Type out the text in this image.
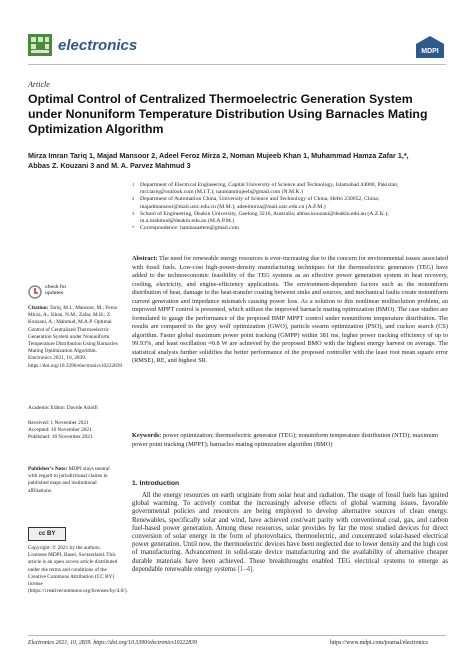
electronics	MDPI
Article
Optimal Control of Centralized Thermoelectric Generation System under Nonuniform Temperature Distribution Using Barnacles Mating Optimization Algorithm
Mirza Imran Tariq 1, Majad Mansoor 2, Adeel Feroz Mirza 2, Noman Mujeeb Khan 1, Muhammad Hamza Zafar 1,*,
Abbas Z. Kouzani 3 and M. A. Parvez Mahmud 3
1 Department of Electrical Engineering, Capital University of Science and Technology, Islamabad 44000, Pakistan; mrl.tariq@outlook.com (M.I.T.); naumanmujeeb@gmail.com (N.M.K.)
2 Department of Automation China, University of Science and Technology of China, Hefei 230052, China; majadmansoor@mail.ustc.edu.cn (M.M.); adeelmirza@mail.ustc.edu.cn (A.F.M.)
3 School of Engineering, Deakin University, Geelong 3216, Australia; abbas.kouzani@deakin.edu.au (A.Z.K.); m.a.mahmud@deakin.edu.au (M.A.P.M.)
* Correspondence: hamzasattem@gmail.com
Abstract: The need for renewable energy resources is ever-increasing due to the concern for environmental issues associated with fossil fuels. Low-cost high-power-density manufacturing techniques for the thermoelectric generators (TEG) have added to the technoeconomic feasibility of the TEG systems as an effective power generation system in heat recovery, cooling, electricity, and engine-efficiency applications. The environment-dependent factors such as the nonuniform distribution of heat, damage to the heat-transfer coating between sinks and sources, and mechanical faults create nonuniform current generation and impedance mismatch causing power loss. As a solution to this nonlinear multisolution problem, an improved MPPT control is presented, which utilizes the improved barnacle mating optimization (BMO). The case studies are formulated to gauge the performance of the proposed BMP MPPT control under nonuniform temperature distribution. The results are compared to the grey wolf optimization (GWO), particle swarm optimization (PSO), and cuckoo search (CS) algorithm. Faster global maximum power point tracking (GMPP) within 381 ms, higher power tracking efficiency of up to 99.93%, and least oscillation ≈0.8 W are achieved by the proposed BMO with the highest energy harvest on average. The statistical analysis further solidifies the better performance of the proposed controller with the least root mean square error (RMSE), RE, and highest SR.
Keywords: power optimization; thermoelectric generator (TEG); nonuniform temperature distribution (NTD); maximum power point tracking (MPPT); barnacles mating optimization algorithm (BMO)
1. Introduction
All the energy resources on earth originate from solar heat and radiation. The usage of fossil fuels has ignited global warming. To actively combat the increasingly adverse effects of global warming issues, favorable governmental policies and resources are being employed to develop alternative sources of clean energy. Renewables, specifically solar and wind, have achieved cost/watt parity with conventional coal, gas, and carbon fuel-based power generation. Among these resources, solar provides by far the most studied devices for direct conversion of solar energy in the form of photovoltaics, thermoelectric, and concentrated solar-based electrical power generation. Until now, the thermoelectric devices have been neglected due to lower density and the high cost of manufacturing. Advancement in solid-state device manufacturing and the availability of alternative cheaper durable materials have been achieved. These breakthroughs enabled TEG electrical systems to emerge as dependable renewable energy systems [1–4].
check for updates
Citation: Tariq, M.I.; Mansoor, M.; Feroz Mirza, A.; Khan, N.M.; Zafar, M.H.; Z. Kouzani, A.; Mahmud, M.A.P. Optimal Control of Centralized Thermoelectric Generation System under Nonuniform Temperature Distribution Using Barnacles Mating Optimization Algorithm. Electronics 2021, 10, 2839. https://doi.org/10.3390/electronics10222839
Academic Editor: Davide Astolfi
Received: 1 November 2021
Accepted: 16 November 2021
Published: 18 November 2021
Publisher’s Note: MDPI stays neutral with regard to jurisdictional claims in published maps and institutional affiliations.
cc BY
Copyright: © 2021 by the authors. Licensee MDPI, Basel, Switzerland. This article is an open access article distributed under the terms and conditions of the Creative Commons Attribution (CC BY) license (https://creativecommons.org/licenses/by/4.0/).
Electronics 2021, 10, 2839. https://doi.org/10.3390/electronics10222839	https://www.mdpi.com/journal/electronics
